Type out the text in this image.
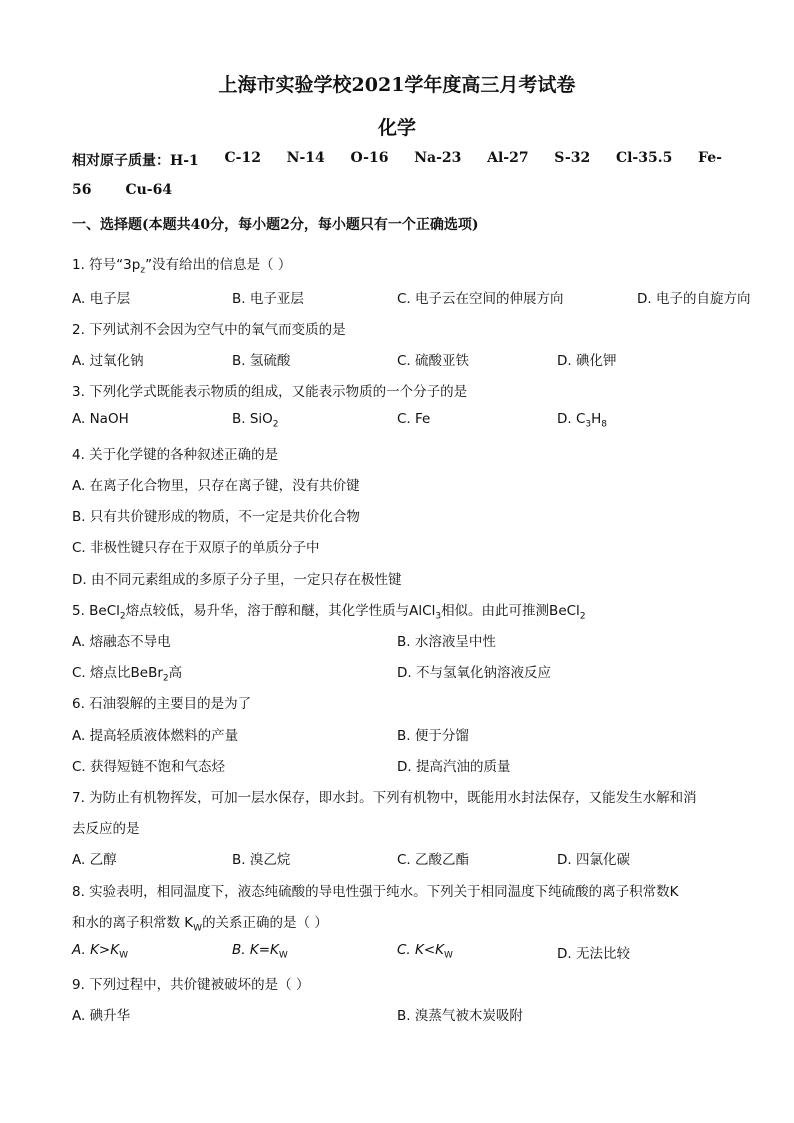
上海市实验学校2021学年度高三月考试卷
化学
相对原子质量：H-1 C-12 N-14 O-16 Na-23 Al-27 S-32 Cl-35.5 Fe-
56 Cu-64
一、选择题(本题共40分，每小题2分，每小题只有一个正确选项)
1. 符号“$3p_z$”没有给出的信息是（ ）
A. 电子层	B. 电子亚层	C. 电子云在空间的伸展方向	D. 电子的自旋方向
2. 下列试剂不会因为空气中的氧气而变质的是
A. 过氧化钠	B. 氢硫酸	C. 硫酸亚铁	D. 碘化钾
3. 下列化学式既能表示物质的组成，又能表示物质的一个分子的是
A. NaOH	B. SiO$_2$	C. Fe	D. $C_3H_8$
4. 关于化学键的各种叙述正确的是
A. 在离子化合物里，只存在离子键，没有共价键
B. 只有共价键形成的物质，不一定是共价化合物
C. 非极性键只存在于双原子的单质分子中
D. 由不同元素组成的多原子分子里，一定只存在极性键
5. BeCl$_2$熔点较低，易升华，溶于醇和醚，其化学性质与AlCl$_3$相似。由此可推测BeCl$_2$
A. 熔融态不导电	B. 水溶液呈中性
C. 熔点比BeBr$_2$高	D. 不与氢氧化钠溶液反应
6. 石油裂解的主要目的是为了
A. 提高轻质液体燃料的产量	B. 便于分馏
C. 获得短链不饱和气态烃	D. 提高汽油的质量
7. 为防止有机物挥发，可加一层水保存，即水封。下列有机物中，既能用水封法保存，又能发生水解和消
去反应的是
A. 乙醇	B. 溴乙烷	C. 乙酸乙酯	D. 四氯化碳
8. 实验表明，相同温度下，液态纯硫酸的导电性强于纯水。下列关于相同温度下纯硫酸的离子积常数K
和水的离子积常数 $K_W$的关系正确的是（ ）
A. $K>K_W$	B. $K=K_W$	C. $K<K_W$	D. 无法比较
9. 下列过程中，共价键被破坏的是（ ）
A. 碘升华	B. 溴蒸气被木炭吸附
